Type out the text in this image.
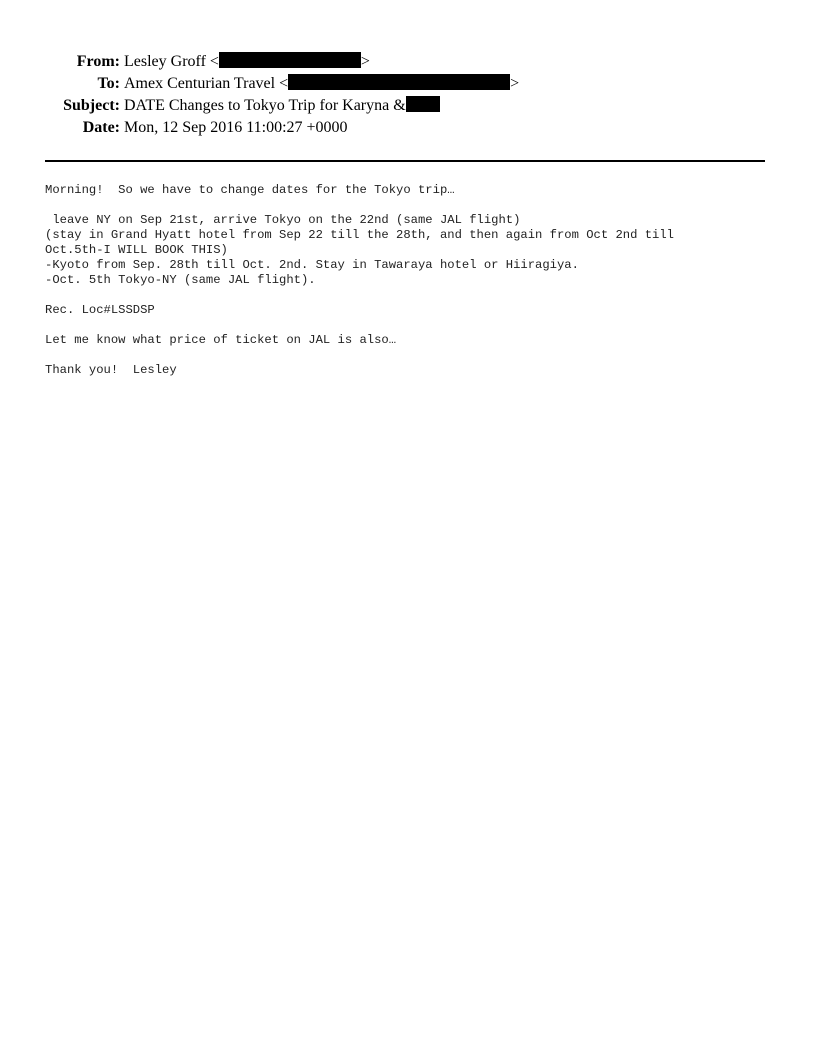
From: Lesley Groff <	>
To: Amex Centurian Travel <	>
Subject: DATE Changes to Tokyo Trip for Karyna &
Date: Mon, 12 Sep 2016 11:00:27 +0000
Morning!  So we have to change dates for the Tokyo trip…
leave NY on Sep 21st, arrive Tokyo on the 22nd (same JAL flight)
(stay in Grand Hyatt hotel from Sep 22 till the 28th, and then again from Oct 2nd till
Oct.5th-I WILL BOOK THIS)
-Kyoto from Sep. 28th till Oct. 2nd. Stay in Tawaraya hotel or Hiiragiya.
-Oct. 5th Tokyo-NY (same JAL flight).
Rec. Loc#LSSDSP
Let me know what price of ticket on JAL is also…
Thank you!  Lesley
